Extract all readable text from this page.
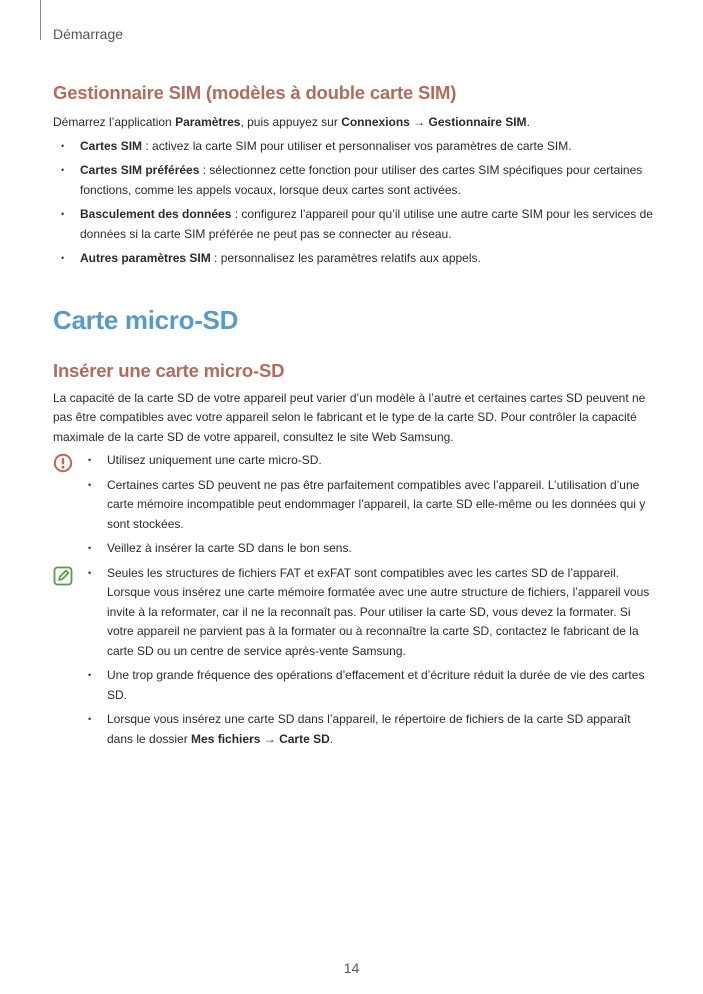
Démarrage
Gestionnaire SIM (modèles à double carte SIM)

Démarrez l’application Paramètres, puis appuyez sur Connexions → Gestionnaire SIM.

• Cartes SIM : activez la carte SIM pour utiliser et personnaliser vos paramètres de carte SIM.
• Cartes SIM préférées : sélectionnez cette fonction pour utiliser des cartes SIM spécifiques pour certaines fonctions, comme les appels vocaux, lorsque deux cartes sont activées.
• Basculement des données : configurez l’appareil pour qu’il utilise une autre carte SIM pour les services de données si la carte SIM préférée ne peut pas se connecter au réseau.
• Autres paramètres SIM : personnalisez les paramètres relatifs aux appels.
Carte micro-SD
Insérer une carte micro-SD

La capacité de la carte SD de votre appareil peut varier d’un modèle à l’autre et certaines cartes SD peuvent ne pas être compatibles avec votre appareil selon le fabricant et le type de la carte SD. Pour contrôler la capacité maximale de la carte SD de votre appareil, consultez le site Web Samsung.

• Utilisez uniquement une carte micro-SD.
• Certaines cartes SD peuvent ne pas être parfaitement compatibles avec l’appareil. L’utilisation d’une carte mémoire incompatible peut endommager l’appareil, la carte SD elle-même ou les données qui y sont stockées.
• Veillez à insérer la carte SD dans le bon sens.
• Seules les structures de fichiers FAT et exFAT sont compatibles avec les cartes SD de l’appareil. Lorsque vous insérez une carte mémoire formatée avec une autre structure de fichiers, l’appareil vous invite à la reformater, car il ne la reconnaît pas. Pour utiliser la carte SD, vous devez la formater. Si votre appareil ne parvient pas à la formater ou à reconnaître la carte SD, contactez le fabricant de la carte SD ou un centre de service après-vente Samsung.
• Une trop grande fréquence des opérations d’effacement et d’écriture réduit la durée de vie des cartes SD.
• Lorsque vous insérez une carte SD dans l’appareil, le répertoire de fichiers de la carte SD apparaît dans le dossier Mes fichiers → Carte SD.
14
